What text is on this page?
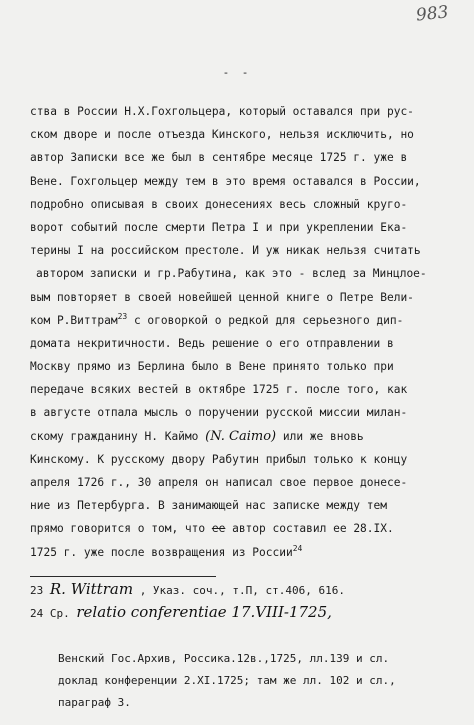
983
- -
ства в России Н.Х.Гохгольцера, который оставался при рус-
ском дворе и после отъезда Кинского, нельзя исключить, но
автор Записки все же был в сентябре месяце 1725 г. уже в
Вене. Гохгольцер между тем в это время оставался в России,
подробно описывая в своих донесениях весь сложный круго-
ворот событий после смерти Петра I и при укреплении Ека-
терины I на российском престоле. И уж никак нельзя считать
автором записки и гр.Рабутина, как это - вслед за Минцлое-
вым повторяет в своей новейшей ценной книге о Петре Вели-
ком Р.Виттрам$^{23}$ с оговоркой о редкой для серьезного дип-
домата некритичности. Ведь решение о его отправлении в
Москву прямо из Берлина было в Вене принято только при
передаче всяких вестей в октябре 1725 г. после того, как
в августе отпала мысль о поручении русской миссии милан-
скому гражданину Н. Каймо (N. Caimo) или же вновь
Кинскому. К русскому двору Рабутин прибыл только к концу
апреля 1726 г., 30 апреля он написал свое первое донесе-
ние из Петербурга. В занимающей нас записке между тем
прямо говорится о том, что ее автор составил ее 28.IX.
1725 г. уже после возвращения из России$^{24}$
23 R. Wittram , Указ. соч., т.П, ст.406, 616.
24 Ср. relatio conferentiae 17.VIII-1725,
Венский Гос.Архив, Россика.12в.,1725, лл.139 и сл.
доклад конференции 2.XI.1725; там же лл. 102 и сл.,
параграф 3.
